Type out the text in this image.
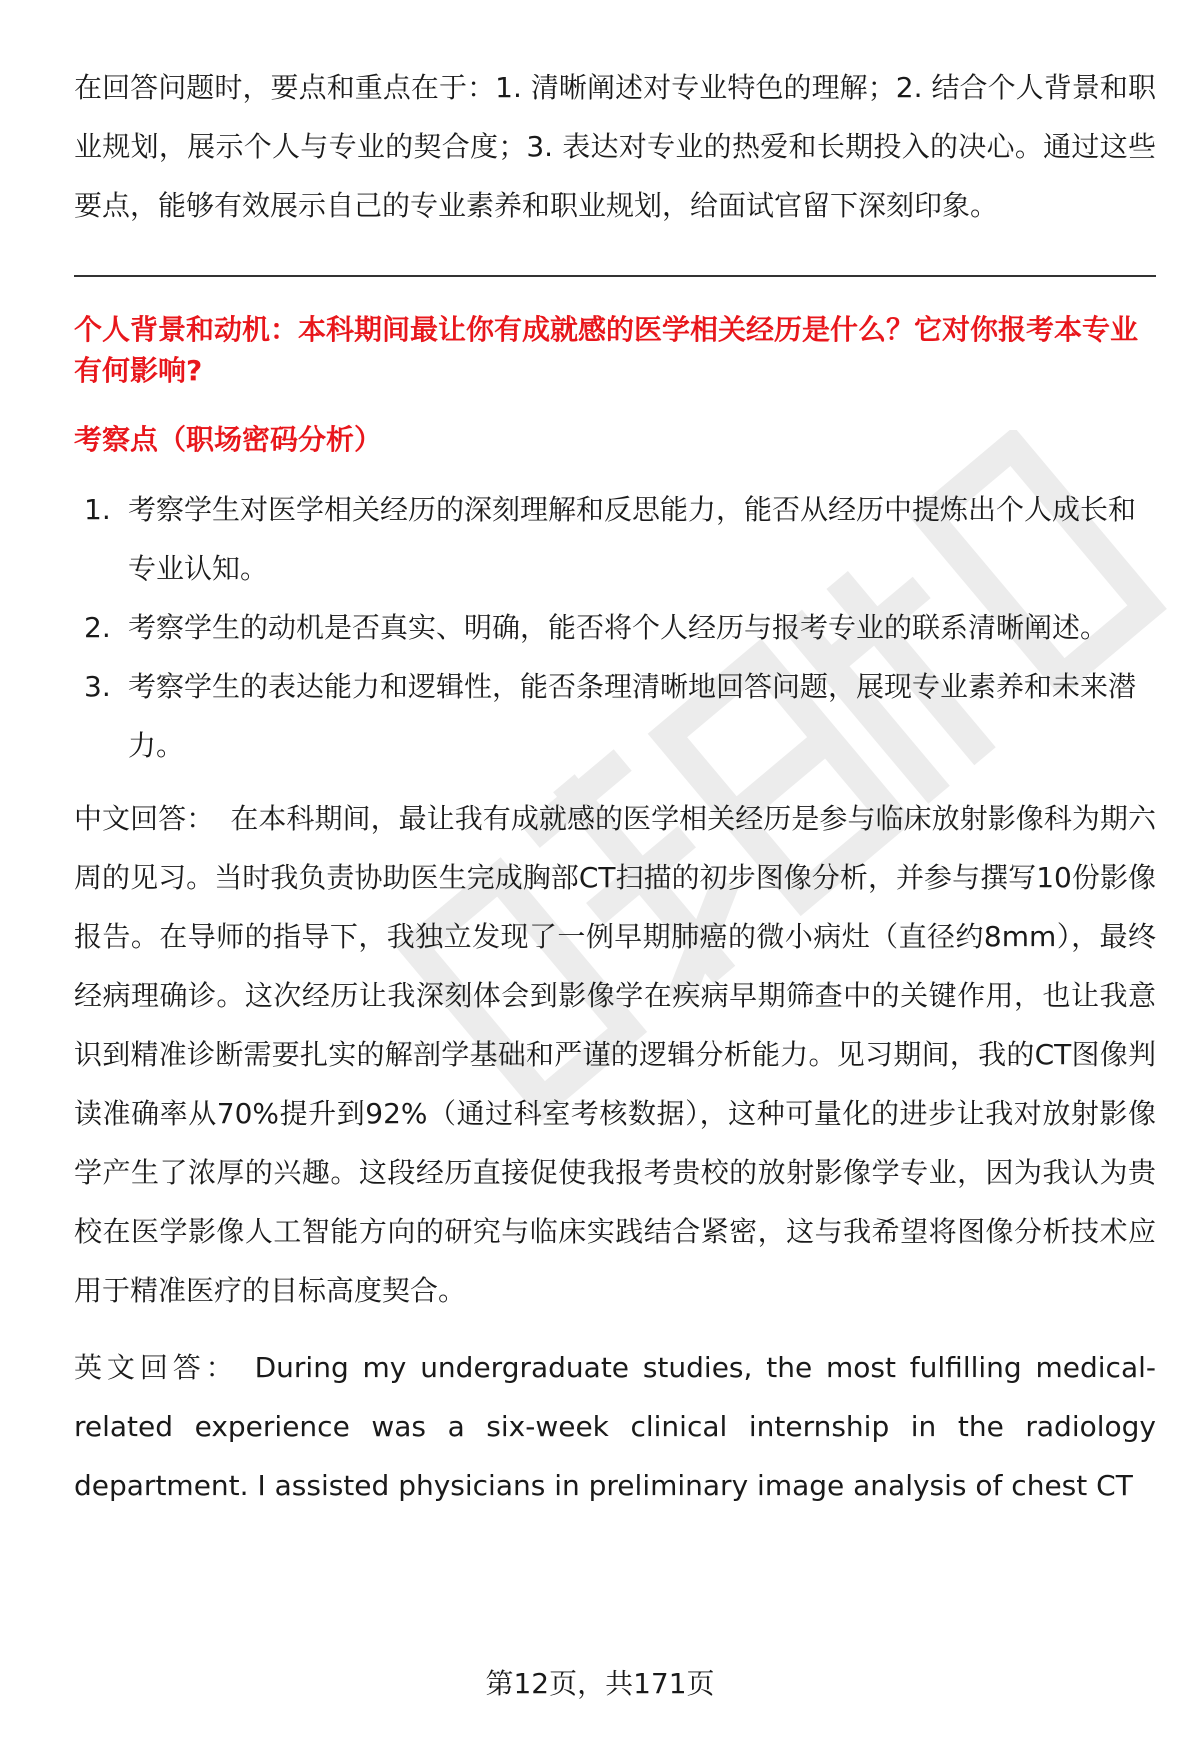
在回答问题时，要点和重点在于：1. 清晰阐述对专业特色的理解；2. 结合个人背景和职业规划，展示个人与专业的契合度；3. 表达对专业的热爱和长期投入的决心。通过这些要点，能够有效展示自己的专业素养和职业规划，给面试官留下深刻印象。

个人背景和动机：本科期间最让你有成就感的医学相关经历是什么？它对你报考本专业有何影响?

考察点（职场密码分析）

1. 考察学生对医学相关经历的深刻理解和反思能力，能否从经历中提炼出个人成长和专业认知。
2. 考察学生的动机是否真实、明确，能否将个人经历与报考专业的联系清晰阐述。
3. 考察学生的表达能力和逻辑性，能否条理清晰地回答问题，展现专业素养和未来潜力。

中文回答： 在本科期间，最让我有成就感的医学相关经历是参与临床放射影像科为期六周的见习。当时我负责协助医生完成胸部CT扫描的初步图像分析，并参与撰写10份影像报告。在导师的指导下，我独立发现了一例早期肺癌的微小病灶（直径约8mm），最终经病理确诊。这次经历让我深刻体会到影像学在疾病早期筛查中的关键作用，也让我意识到精准诊断需要扎实的解剖学基础和严谨的逻辑分析能力。见习期间，我的CT图像判读准确率从70%提升到92%（通过科室考核数据），这种可量化的进步让我对放射影像学产生了浓厚的兴趣。这段经历直接促使我报考贵校的放射影像学专业，因为我认为贵校在医学影像人工智能方向的研究与临床实践结合紧密，这与我希望将图像分析技术应用于精准医疗的目标高度契合。

英文回答： During my undergraduate studies, the most fulfilling medical-related experience was a six-week clinical internship in the radiology department. I assisted physicians in preliminary image analysis of chest CT

第12页，共171页
